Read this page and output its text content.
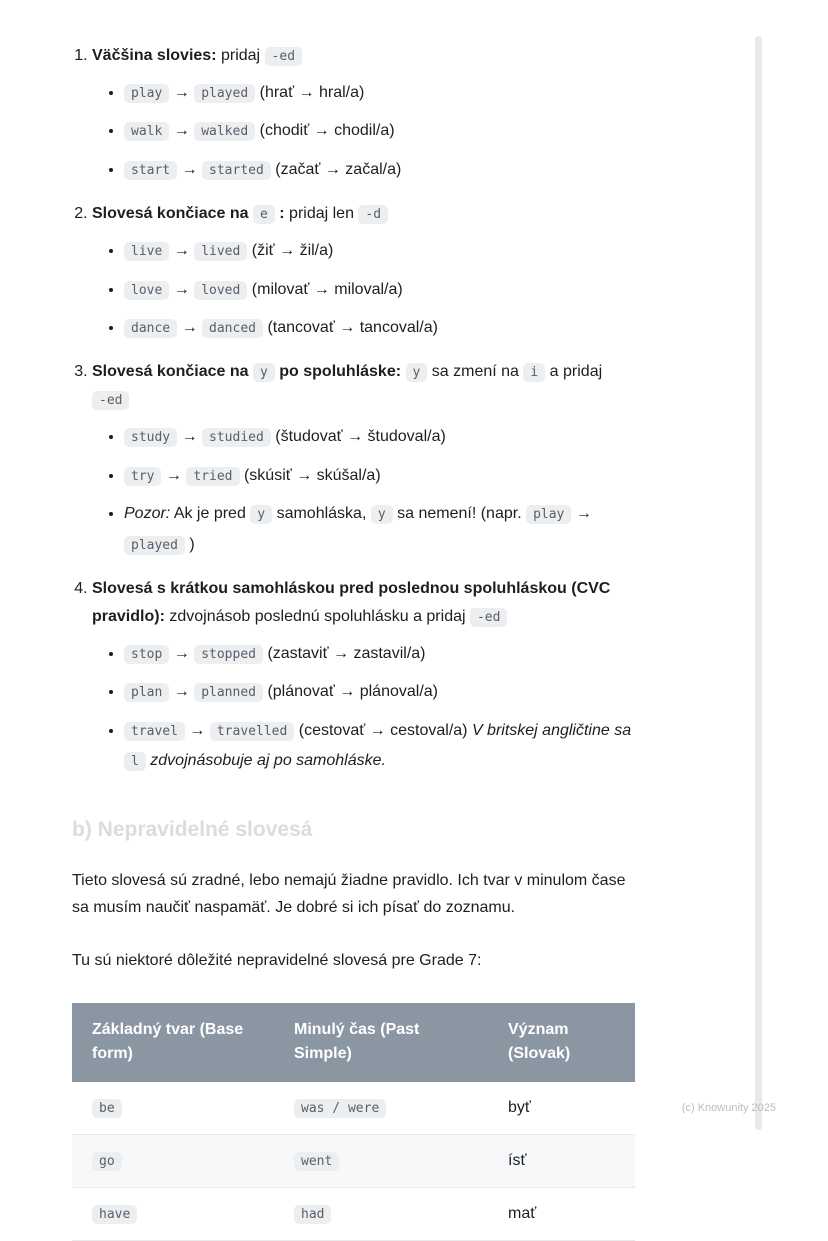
1. Väčšina slovies: pridaj -ed
• play → played (hrať → hral/a)
• walk → walked (chodiť → chodil/a)
• start → started (začať → začal/a)
2. Slovesá končiace na e : pridaj len -d
• live → lived (žiť → žil/a)
• love → loved (milovať → miloval/a)
• dance → danced (tancovať → tancoval/a)
3. Slovesá končiace na y po spoluhláske: y sa zmení na i a pridaj -ed
• study → studied (študovať → študoval/a)
• try → tried (skúsiť → skúšal/a)
• Pozor: Ak je pred y samohláska, y sa nemení! (napr. play → played )
4. Slovesá s krátkou samohláskou pred poslednou spoluhláskou (CVC pravidlo): zdvojnásob poslednú spoluhlásku a pridaj -ed
• stop → stopped (zastaviť → zastavil/a)
• plan → planned (plánovať → plánoval/a)
• travel → travelled (cestovať → cestoval/a) V britskej angličtine sa l zdvojnásobuje aj po samohláske.
b) Nepravidelné slovesá

Tieto slovesá sú zradné, lebo nemajú žiadne pravidlo. Ich tvar v minulom čase sa musím naučiť naspamäť. Je dobré si ich písať do zoznamu.

Tu sú niektoré dôležité nepravidelné slovesá pre Grade 7:

Základný tvar (Base form)	Minulý čas (Past Simple)	Význam (Slovak)
be	was / were	byť
go	went	ísť
have	had	mať
(c) Knowunity 2025
